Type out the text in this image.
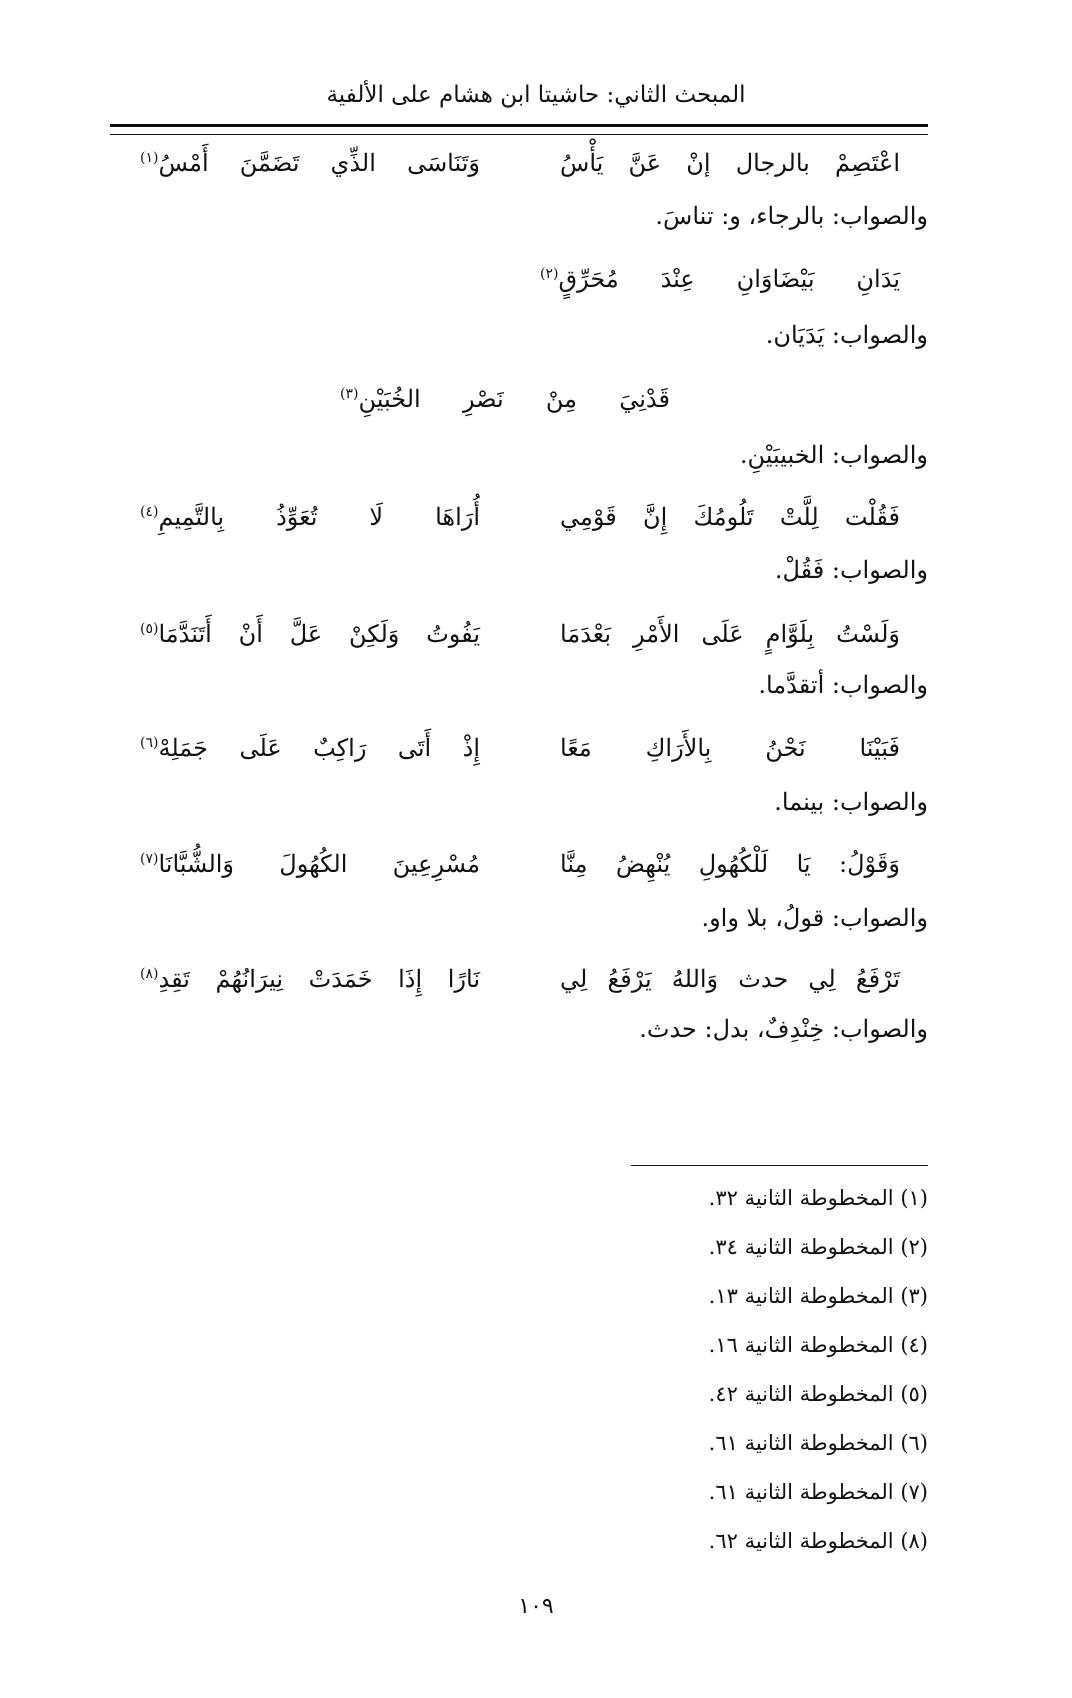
المبحث الثاني: حاشيتا ابن هشام على الألفية
اعْتَصِمْ
بالرجال
إنْ
عَنَّ
يَأْسُ
وَتَنَاسَى
الذِّي
تَضَمَّنَ
أَمْسُ$^{(١)}$
والصواب: بالرجاء، و: تناسَ.
يَدَانِ
بَيْضَاوَانِ
عِنْدَ
مُحَرِّقٍ$^{(٢)}$
والصواب: يَدَيَان.
قَدْنِيَ
مِنْ
نَصْرِ
الخُبَيْنِ$^{(٣)}$
والصواب: الخبيبَيْنِ.
فَقُلْت
لِلَّتْ
تَلُومُكَ
إِنَّ
قَوْمِي
أُرَاهَا
لَا
تُعَوِّذُ
بِالتَّمِيمِ$^{(٤)}$
والصواب: فَقُلْ.
وَلَسْتُ
بِلَوَّامٍ
عَلَى
الأَمْرِ
بَعْدَمَا
يَفُوتُ
وَلَكِنْ
عَلَّ
أَنْ
أَتَنَدَّمَا$^{(٥)}$
والصواب: أتقدَّما.
فَبَيْنَا
نَحْنُ
بِالأَرَاكِ
مَعًا
إِذْ
أَتَى
رَاكِبٌ
عَلَى
جَمَلِهْ$^{(٦)}$
والصواب: بينما.
وَقَوْلُ:
يَا
لَلْكُهُولِ
يُنْهِضُ
مِنَّا
مُسْرِعِينَ
الكُهُولَ
وَالشُّبَّانَا$^{(٧)}$
والصواب: قولُ، بلا واو.
تَرْفَعُ
لِي
حدث
وَاللهُ
يَرْفَعُ
لِي
نَارًا
إِذَا
خَمَدَتْ
نِيرَانُهُمْ
تَقِدِ$^{(٨)}$
والصواب: خِنْدِفٌ، بدل: حدث.
(١) المخطوطة الثانية ٣٢.
(٢) المخطوطة الثانية ٣٤.
(٣) المخطوطة الثانية ١٣.
(٤) المخطوطة الثانية ١٦.
(٥) المخطوطة الثانية ٤٢.
(٦) المخطوطة الثانية ٦١.
(٧) المخطوطة الثانية ٦١.
(٨) المخطوطة الثانية ٦٢.
١٠٩
